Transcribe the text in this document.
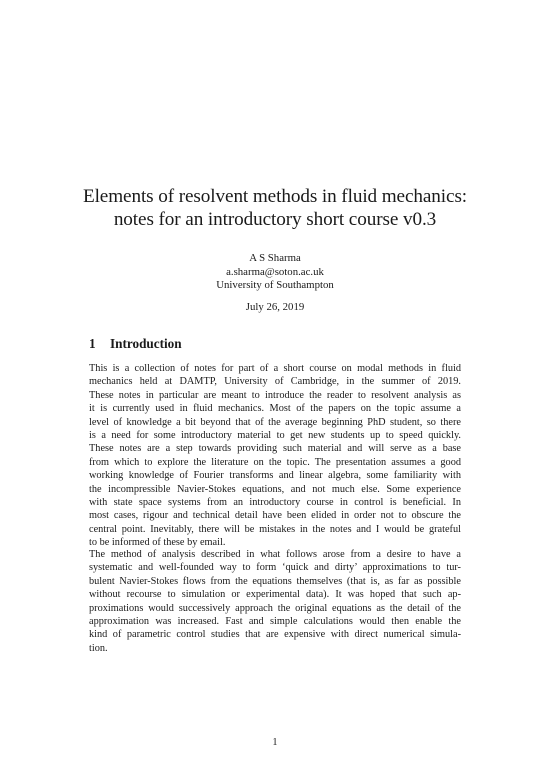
Elements of resolvent methods in fluid mechanics:
notes for an introductory short course v0.3
A S Sharma
a.sharma@soton.ac.uk
University of Southampton
July 26, 2019
1 Introduction
This is a collection of notes for part of a short course on modal methods in fluid
mechanics held at DAMTP, University of Cambridge, in the summer of 2019.
These notes in particular are meant to introduce the reader to resolvent analysis as
it is currently used in fluid mechanics. Most of the papers on the topic assume a
level of knowledge a bit beyond that of the average beginning PhD student, so there
is a need for some introductory material to get new students up to speed quickly.
These notes are a step towards providing such material and will serve as a base
from which to explore the literature on the topic. The presentation assumes a good
working knowledge of Fourier transforms and linear algebra, some familiarity with
the incompressible Navier-Stokes equations, and not much else. Some experience
with state space systems from an introductory course in control is beneficial. In
most cases, rigour and technical detail have been elided in order not to obscure the
central point. Inevitably, there will be mistakes in the notes and I would be grateful
to be informed of these by email.
The method of analysis described in what follows arose from a desire to have a
systematic and well-founded way to form ‘quick and dirty’ approximations to tur-
bulent Navier-Stokes flows from the equations themselves (that is, as far as possible
without recourse to simulation or experimental data). It was hoped that such ap-
proximations would successively approach the original equations as the detail of the
approximation was increased. Fast and simple calculations would then enable the
kind of parametric control studies that are expensive with direct numerical simula-
tion.
1
